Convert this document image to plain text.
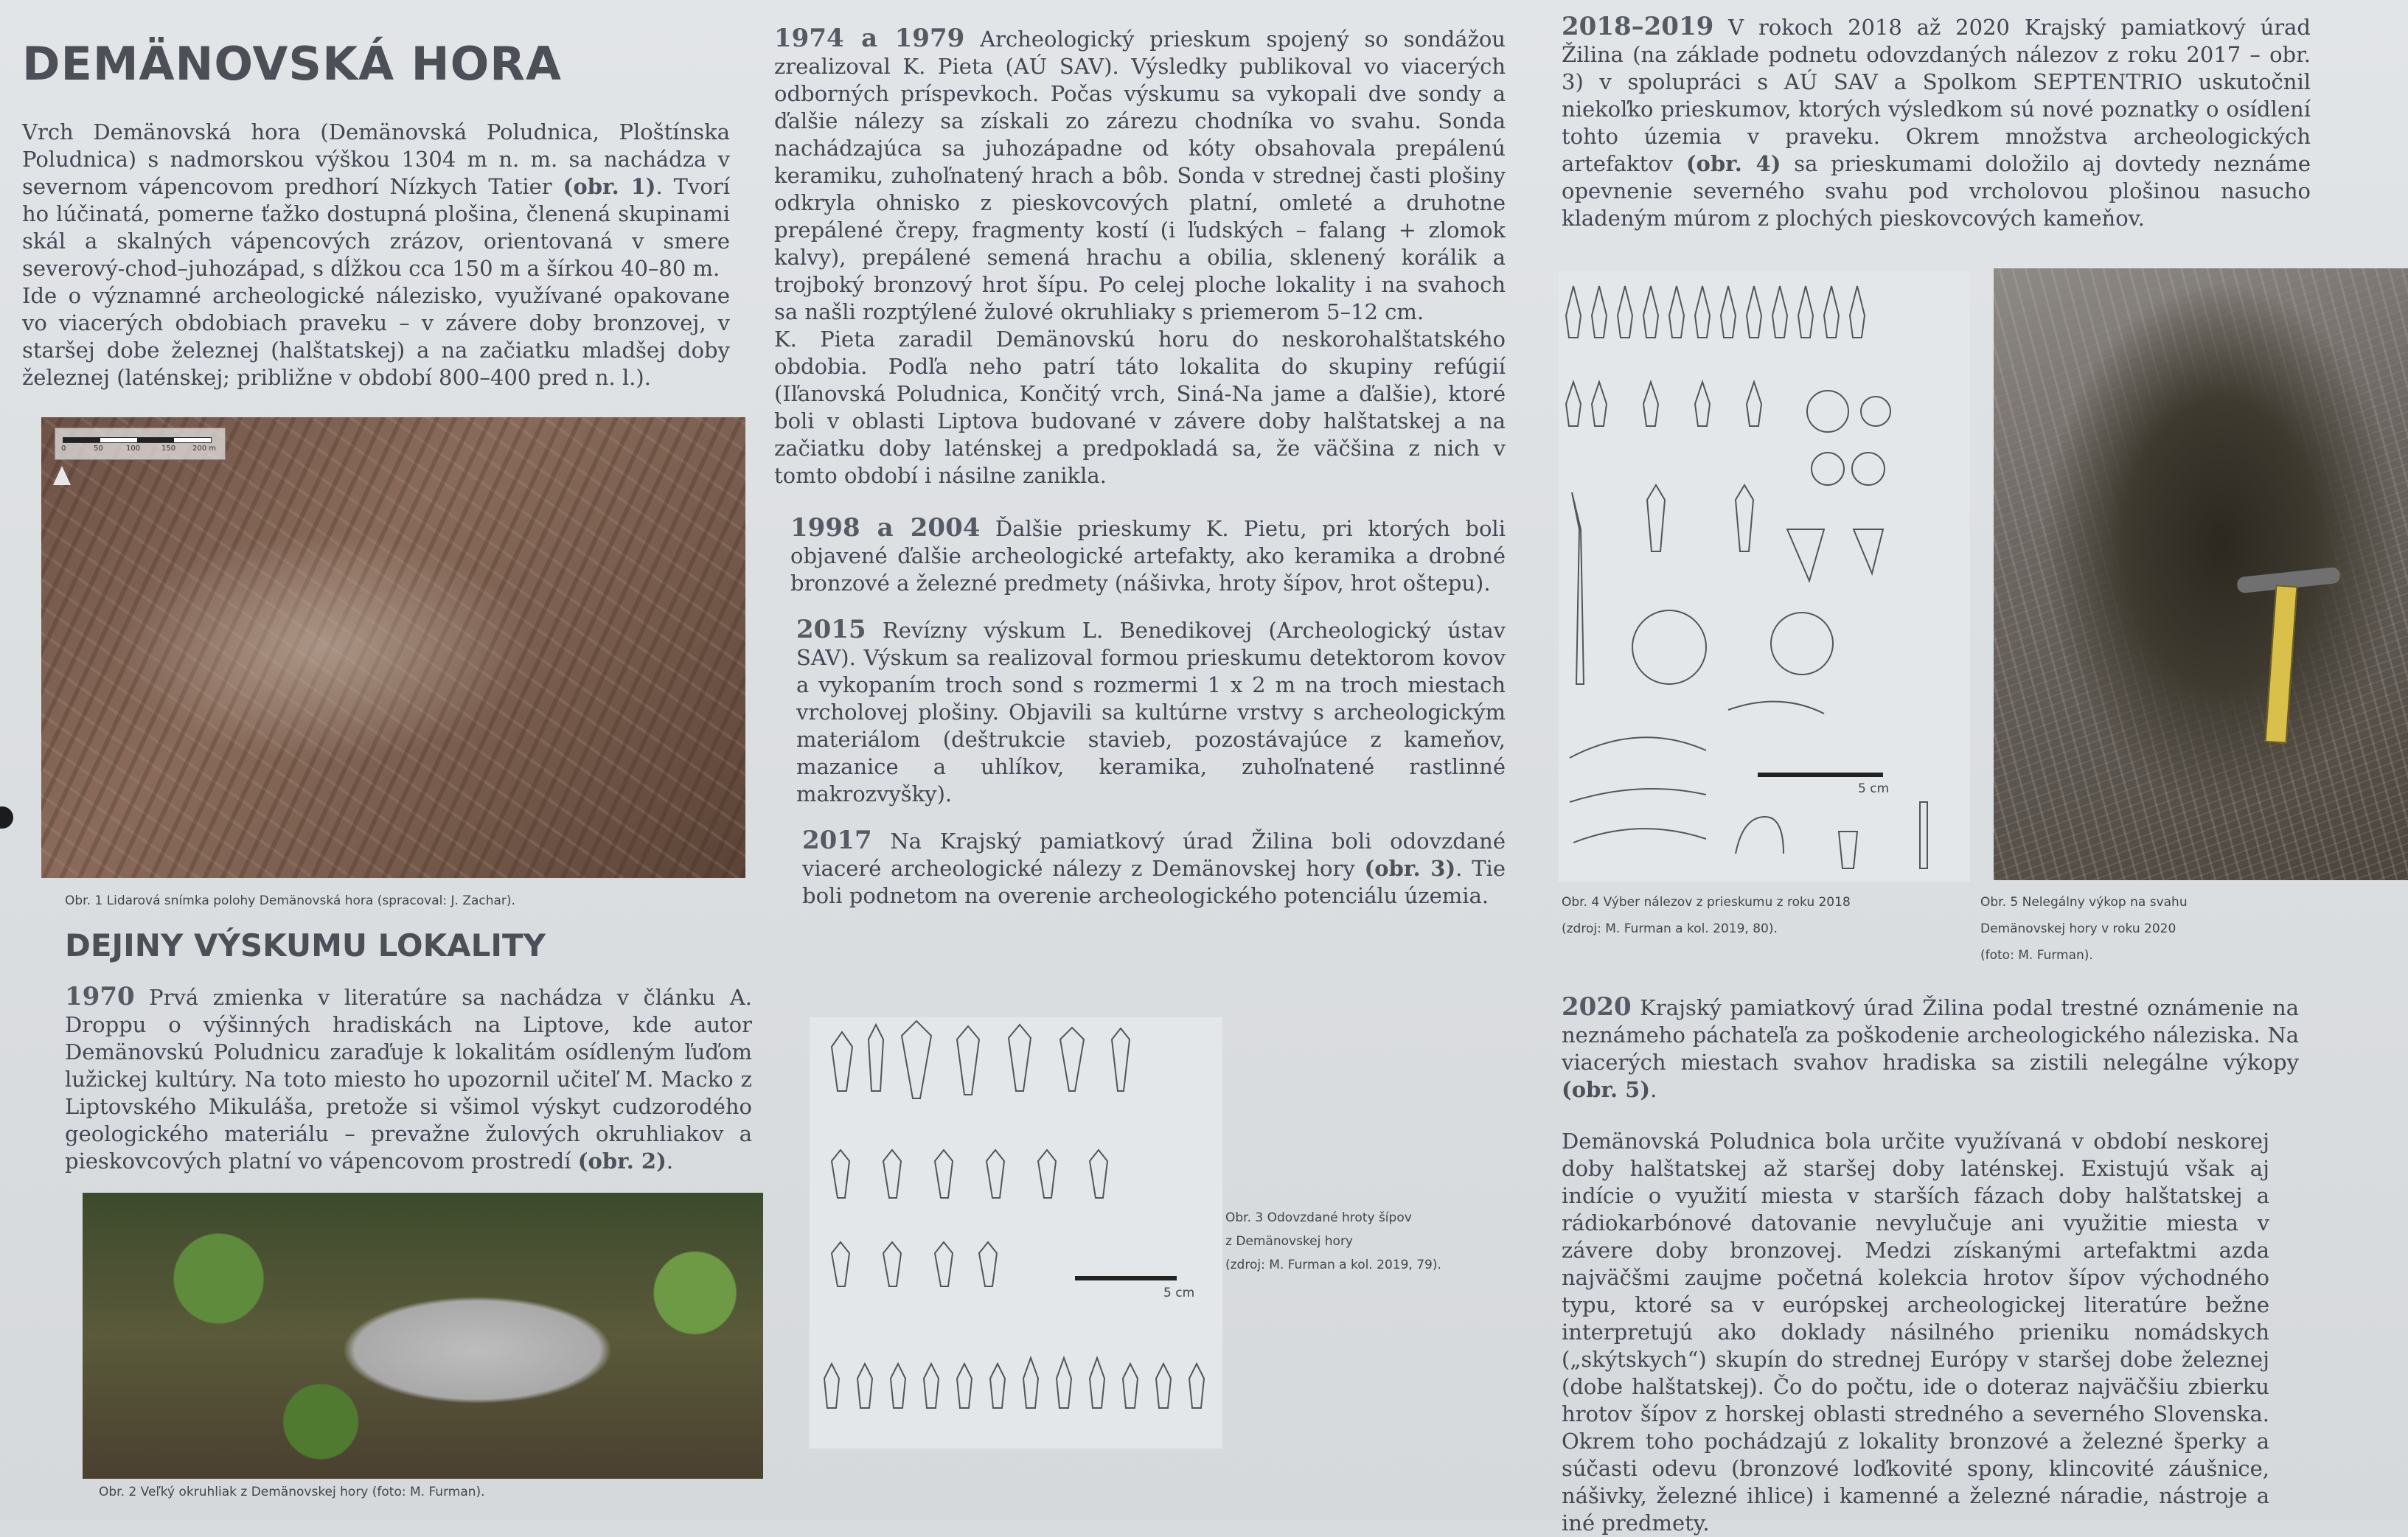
DEMÄNOVSKÁ HORA

Vrch Demänovská hora (Demänovská Poludnica, Ploštínska Poludnica) s nadmorskou výškou 1304 m n. m. sa nachádza v severnom vápencovom predhorí Nízkych Tatier (obr. 1). Tvorí ho lúčinatá, pomerne ťažko dostupná plošina, členená skupinami skál a skalných vápencových zrázov, orientovaná v smere severový-chod–juhozápad, s dĺžkou cca 150 m a šírkou 40–80 m.

Ide o významné archeologické nálezisko, využívané opakovane vo viacerých obdobiach praveku – v závere doby bronzovej, v staršej dobe železnej (halštatskej) a na začiatku mladšej doby železnej (laténskej; približne v období 800–400 pred n. l.).

0	50	100	150 200 m

Obr. 1 Lidarová snímka polohy Demänovská hora (spracoval: J. Zachar).

DEJINY VÝSKUMU LOKALITY

1970 Prvá zmienka v literatúre sa nachádza v článku A. Droppu o výšinných hradiskách na Liptove, kde autor Demänovskú Poludnicu zaraďuje k lokalitám osídleným ľuďom lužickej kultúry. Na toto miesto ho upozornil učiteľ M. Macko z Liptovského Mikuláša, pretože si všimol výskyt cudzorodého geologického materiálu – prevažne žulových okruhliakov a pieskovcových platní vo vápencovom prostredí (obr. 2).

Obr. 2 Veľký okruhliak z Demänovskej hory (foto: M. Furman).

1974 a 1979 Archeologický prieskum spojený so sondážou zrealizoval K. Pieta (AÚ SAV). Výsledky publikoval vo viacerých odborných príspevkoch. Počas výskumu sa vykopali dve sondy a ďalšie nálezy sa získali zo zárezu chodníka vo svahu. Sonda nachádzajúca sa juhozápadne od kóty obsahovala prepálenú keramiku, zuhoľnatený hrach a bôb. Sonda v strednej časti plošiny odkryla ohnisko z pieskovcových platní, omleté a druhotne prepálené črepy, fragmenty kostí (i ľudských – falang + zlomok kalvy), prepálené semená hrachu a obilia, sklenený korálik a trojboký bronzový hrot šípu. Po celej ploche lokality i na svahoch sa našli rozptýlené žulové okruhliaky s priemerom 5–12 cm.

K. Pieta zaradil Demänovskú horu do neskorohalštatského obdobia. Podľa neho patrí táto lokalita do skupiny refúgií (Iľanovská Poludnica, Končitý vrch, Siná-Na jame a ďalšie), ktoré boli v oblasti Liptova budované v závere doby halštatskej a na začiatku doby laténskej a predpokladá sa, že väčšina z nich v tomto období i násilne zanikla.

1998 a 2004 Ďalšie prieskumy K. Pietu, pri ktorých boli objavené ďalšie archeologické artefakty, ako keramika a drobné bronzové a železné predmety (nášivka, hroty šípov, hrot oštepu).

2015 Revízny výskum L. Benedikovej (Archeologický ústav SAV). Výskum sa realizoval formou prieskumu detektorom kovov a vykopaním troch sond s rozmermi 1 x 2 m na troch miestach vrcholovej plošiny. Objavili sa kultúrne vrstvy s archeologickým materiálom (deštrukcie stavieb, pozostávajúce z kameňov, mazanice a uhlíkov, keramika, zuhoľnatené rastlinné makrozvyšky).

2017 Na Krajský pamiatkový úrad Žilina boli odovzdané viaceré archeologické nálezy z Demänovskej hory (obr. 3). Tie boli podnetom na overenie archeologického potenciálu územia.

5 cm

Obr. 3 Odovzdané hroty šípov

z Demänovskej hory

(zdroj: M. Furman a kol. 2019, 79).

2018–2019 V rokoch 2018 až 2020 Krajský pamiatkový úrad Žilina (na základe podnetu odovzdaných nálezov z roku 2017 – obr. 3) v spolupráci s AÚ SAV a Spolkom SEPTENTRIO uskutočnil niekoľko prieskumov, ktorých výsledkom sú nové poznatky o osídlení tohto územia v praveku. Okrem množstva archeologických artefaktov (obr. 4) sa prieskumami doložilo aj dovtedy neznáme opevnenie severného svahu pod vrcholovou plošinou nasucho kladeným múrom z plochých pieskovcových kameňov.

5 cm

Obr. 4 Výber nálezov z prieskumu z roku 2018

(zdroj: M. Furman a kol. 2019, 80).

Obr. 5 Nelegálny výkop na svahu

Demänovskej hory v roku 2020

(foto: M. Furman).

2020 Krajský pamiatkový úrad Žilina podal trestné oznámenie na neznámeho páchateľa za poškodenie archeologického náleziska. Na viacerých miestach svahov hradiska sa zistili nelegálne výkopy (obr. 5).

Demänovská Poludnica bola určite využívaná v období neskorej doby halštatskej až staršej doby laténskej. Existujú však aj indície o využití miesta v starších fázach doby halštatskej a rádiokarbónové datovanie nevylučuje ani využitie miesta v závere doby bronzovej. Medzi získanými artefaktmi azda najväčšmi zaujme početná kolekcia hrotov šípov východného typu, ktoré sa v európskej archeologickej literatúre bežne interpretujú ako doklady násilného prieniku nomádskych („skýtskych“) skupín do strednej Európy v staršej dobe železnej (dobe halštatskej). Čo do počtu, ide o doteraz najväčšiu zbierku hrotov šípov z horskej oblasti stredného a severného Slovenska. Okrem toho pochádzajú z lokality bronzové a železné šperky a súčasti odevu (bronzové loďkovité spony, klincovité záušnice, nášivky, železné ihlice) i kamenné a železné náradie, nástroje a iné predmety.
